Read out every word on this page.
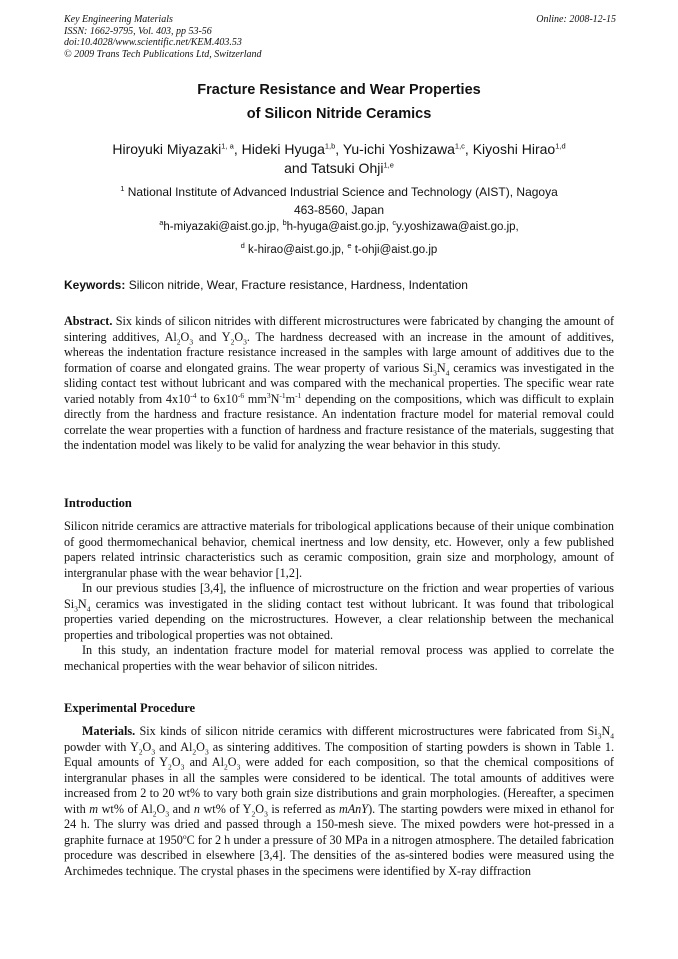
Key Engineering Materials
ISSN: 1662-9795, Vol. 403, pp 53-56
doi:10.4028/www.scientific.net/KEM.403.53
© 2009 Trans Tech Publications Ltd, Switzerland
Online: 2008-12-15
Fracture Resistance and Wear Properties
of Silicon Nitride Ceramics
Hiroyuki Miyazaki$^{1, a}$, Hideki Hyuga$^{1,b}$, Yu-ichi Yoshizawa$^{1,c}$, Kiyoshi Hirao$^{1,d}$
and Tatsuki Ohji$^{1,e}$
$^1$ National Institute of Advanced Industrial Science and Technology (AIST), Nagoya
463-8560, Japan
$^a$h-miyazaki@aist.go.jp, $^b$h-hyuga@aist.go.jp, $^c$y.yoshizawa@aist.go.jp,
$^d$ k-hirao@aist.go.jp, $^e$ t-ohji@aist.go.jp
Keywords: Silicon nitride, Wear, Fracture resistance, Hardness, Indentation

Abstract. Six kinds of silicon nitrides with different microstructures were fabricated by changing the amount of sintering additives, $Al_2O_3$ and $Y_2O_3$. The hardness decreased with an increase in the amount of additives, whereas the indentation fracture resistance increased in the samples with large amount of additives due to the formation of coarse and elongated grains. The wear property of various $Si_3N_4$ ceramics was investigated in the sliding contact test without lubricant and was compared with the mechanical properties. The specific wear rate varied notably from $4x10^{-4}$ to $6x10^{-6}$ $mm^3N^{-1}m^{-1}$ depending on the compositions, which was difficult to explain directly from the hardness and fracture resistance. An indentation fracture model for material removal could correlate the wear properties with a function of hardness and fracture resistance of the materials, suggesting that the indentation model was likely to be valid for analyzing the wear behavior in this study.

Introduction

Silicon nitride ceramics are attractive materials for tribological applications because of their unique combination of good thermomechanical behavior, chemical inertness and low density, etc. However, only a few published papers related intrinsic characteristics such as ceramic composition, grain size and morphology, amount of intergranular phase with the wear behavior [1,2].

In our previous studies [3,4], the influence of microstructure on the friction and wear properties of various $Si_3N_4$ ceramics was investigated in the sliding contact test without lubricant. It was found that tribological properties varied depending on the microstructures. However, a clear relationship between the mechanical properties and tribological properties was not obtained.

In this study, an indentation fracture model for material removal process was applied to correlate the mechanical properties with the wear behavior of silicon nitrides.

Experimental Procedure

Materials. Six kinds of silicon nitride ceramics with different microstructures were fabricated from $Si_3N_4$ powder with $Y_2O_3$ and $Al_2O_3$ as sintering additives. The composition of starting powders is shown in Table 1. Equal amounts of $Y_2O_3$ and $Al_2O_3$ were added for each composition, so that the chemical compositions of intergranular phases in all the samples were considered to be identical. The total amounts of additives were increased from 2 to 20 wt% to vary both grain size distributions and grain morphologies. (Hereafter, a specimen with m wt% of $Al_2O_3$ and n wt% of $Y_2O_3$ is referred as mAnY). The starting powders were mixed in ethanol for 24 h. The slurry was dried and passed through a 150-mesh sieve. The mixed powders were hot-pressed in a graphite furnace at 1950$^o$C for 2 h under a pressure of 30 MPa in a nitrogen atmosphere. The detailed fabrication procedure was described in elsewhere [3,4]. The densities of the as-sintered bodies were measured using the Archimedes technique. The crystal phases in the specimens were identified by X-ray diffraction
